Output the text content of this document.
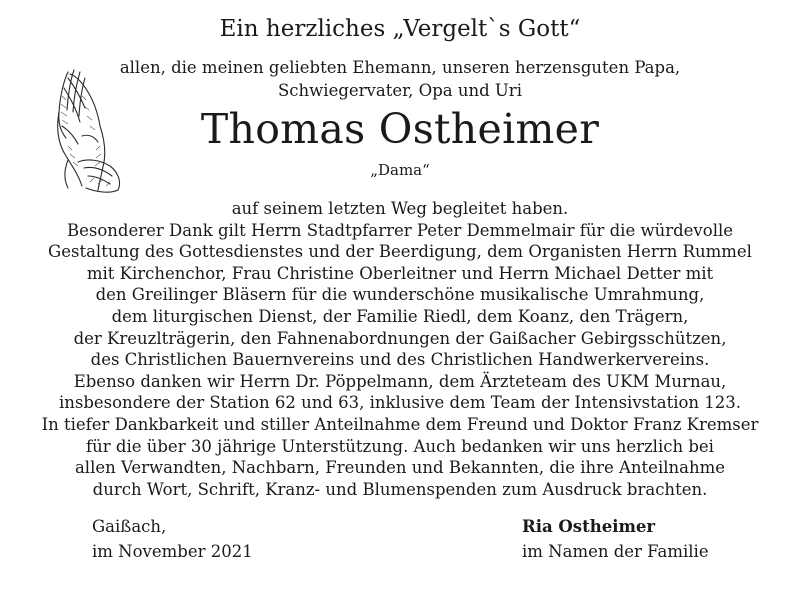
Ein herzliches „Vergelt`s Gott“
allen, die meinen geliebten Ehemann, unseren herzensguten Papa,
Schwiegervater, Opa und Uri
Thomas Ostheimer
„Dama“
auf seinem letzten Weg begleitet haben.
Besonderer Dank gilt Herrn Stadtpfarrer Peter Demmelmair für die würdevolle
Gestaltung des Gottesdienstes und der Beerdigung, dem Organisten Herrn Rummel
mit Kirchenchor, Frau Christine Oberleitner und Herrn Michael Detter mit
den Greilinger Bläsern für die wunderschöne musikalische Umrahmung,
dem liturgischen Dienst, der Familie Riedl, dem Koanz, den Trägern,
der Kreuzlträgerin, den Fahnenabordnungen der Gaißacher Gebirgsschützen,
des Christlichen Bauernvereins und des Christlichen Handwerkervereins.
Ebenso danken wir Herrn Dr. Pöppelmann, dem Ärzteteam des UKM Murnau,
insbesondere der Station 62 und 63, inklusive dem Team der Intensivstation 123.
In tiefer Dankbarkeit und stiller Anteilnahme dem Freund und Doktor Franz Kremser
für die über 30 jährige Unterstützung. Auch bedanken wir uns herzlich bei
allen Verwandten, Nachbarn, Freunden und Bekannten, die ihre Anteilnahme
durch Wort, Schrift, Kranz- und Blumenspenden zum Ausdruck brachten.
Gaißach,
im November 2021
Ria Ostheimer
im Namen der Familie
